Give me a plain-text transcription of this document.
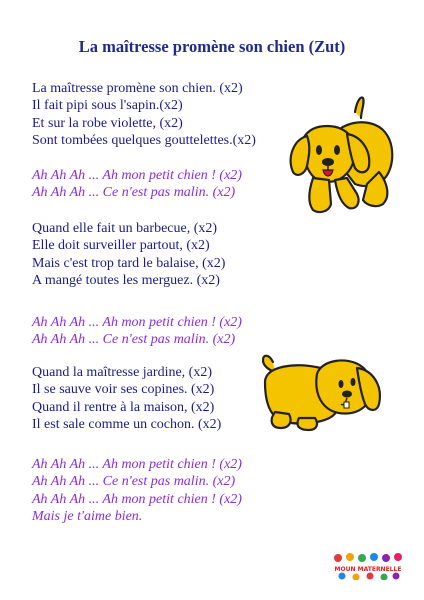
La maîtresse promène son chien (Zut)
La maîtresse promène son chien. (x2)
Il fait pipi sous l'sapin.(x2)
Et sur la robe violette, (x2)
Sont tombées quelques gouttelettes.(x2)
Ah Ah Ah ... Ah mon petit chien ! (x2)
Ah Ah Ah ... Ce n'est pas malin. (x2)
Quand elle fait un barbecue, (x2)
Elle doit surveiller partout, (x2)
Mais c'est trop tard le balaise, (x2)
A mangé toutes les merguez. (x2)
Ah Ah Ah ... Ah mon petit chien ! (x2)
Ah Ah Ah ... Ce n'est pas malin. (x2)
Quand la maîtresse jardine, (x2)
Il se sauve voir ses copines. (x2)
Quand il rentre à la maison, (x2)
Il est sale comme un cochon. (x2)
Ah Ah Ah ... Ah mon petit chien ! (x2)
Ah Ah Ah ... Ce n'est pas malin. (x2)
Ah Ah Ah ... Ah mon petit chien ! (x2)
Mais je t'aime bien.
MOUN MATERNELLE
